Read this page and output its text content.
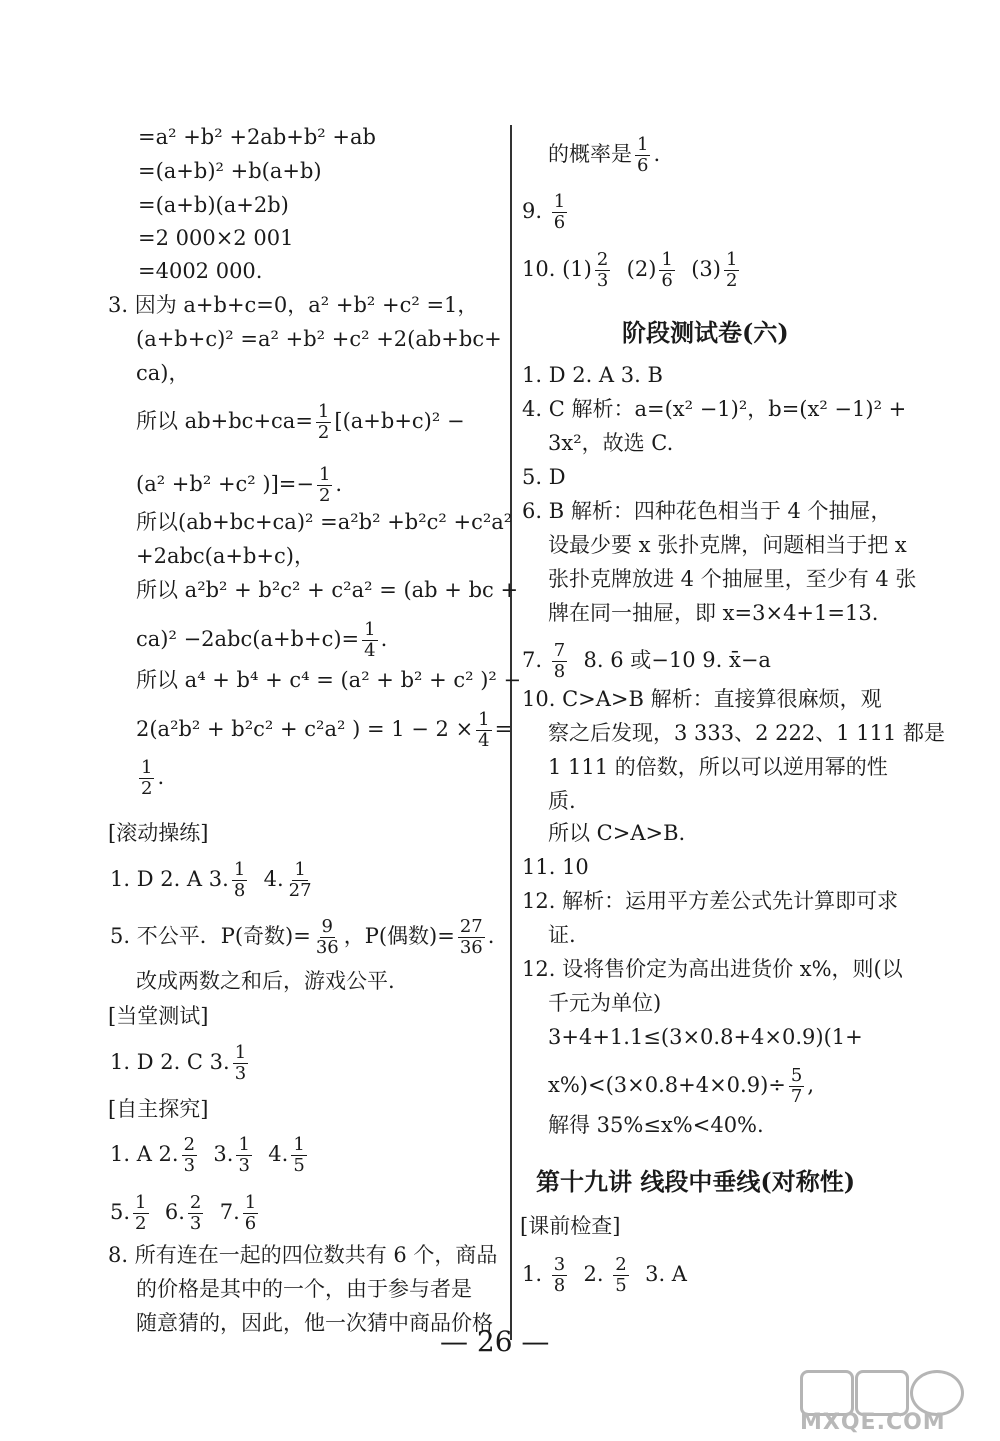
=a² +b² +2ab+b² +ab
=(a+b)² +b(a+b)
=(a+b)(a+2b)
=2 000×2 001
=4002 000.
3. 因为 a+b+c=0，a² +b² +c² =1，
(a+b+c)² =a² +b² +c² +2(ab+bc+
ca)，
所以 $ab+bc+ca= \frac{1}{2} [(a+b+c)^2$ −
(a² +b² +c² )]=− $\frac{1}{2}$ .
所以(ab+bc+ca)² =a²b² +b²c² +c²a²
+2abc(a+b+c)，
所以 a²b² + b²c² + c²a² = (ab + bc +
$ca)^2 -2abc(a+b+c)= \frac{1}{4}$ .
所以 a⁴ + b⁴ + c⁴ = (a² + b² + c² )² −
2(a²b² + b²c² + c²a² ) = $1 - 2 \times \frac{1}{4}$ =
$\frac{1}{2}$ .
[滚动操练]
1. D 2. A 3. $\frac{1}{8} 4$. $\frac{1}{27}$
5. 不公平．P(奇数)= $\frac{9}{36}$ ，P(偶数)= $\frac{27}{36}$ .
改成两数之和后，游戏公平.
[当堂测试]
1. D 2. C 3. $\frac{1}{3}$
[自主探究]
1. A 2. $\frac{2}{3} 3$. $\frac{1}{3} 4$. $\frac{1}{5}$
5. $\frac{1}{2} 6$. $\frac{2}{3} 7$. $\frac{1}{6}$
8. 所有连在一起的四位数共有 6 个，商品
的价格是其中的一个，由于参与者是
随意猜的，因此，他一次猜中商品价格
的概率是 $\frac{1}{6}$ .
9. $\frac{1}{6}$
10. $(1) \frac{2}{3} (2) \frac{1}{6} (3) \frac{1}{2}$
阶段测试卷(六)
1. D 2. A 3. B
4. C 解析：a=(x² −1)²，b=(x² −1)² +
3x²，故选 C.
5. D
6. B 解析：四种花色相当于 4 个抽屉，
设最少要 x 张扑克牌，问题相当于把 x
张扑克牌放进 4 个抽屉里，至少有 4 张
牌在同一抽屉，即 x=3×4+1=13.
7. $\frac{7}{8} 8$. 6 或−10 9. x̄−a
10. C>A>B 解析：直接算很麻烦，观
察之后发现，3 333、2 222、1 111 都是
1 111 的倍数，所以可以逆用幂的性
质.
所以 C>A>B.
11. 10
12. 解析：运用平方差公式先计算即可求
证.
12. 设将售价定为高出进货价 x%，则(以
千元为单位)
3+4+1.1≤(3×0.8+4×0.9)(1+
$x\%)<(3\times 0.8+4\times 0.9)\div \frac{5}{7}$ ,
解得 35%≤x%<40%.
第十九讲 线段中垂线(对称性)
[课前检查]
1. $\frac{3}{8} 2$. $\frac{2}{5} 3$. A
— 26 —
MXQE.COM
